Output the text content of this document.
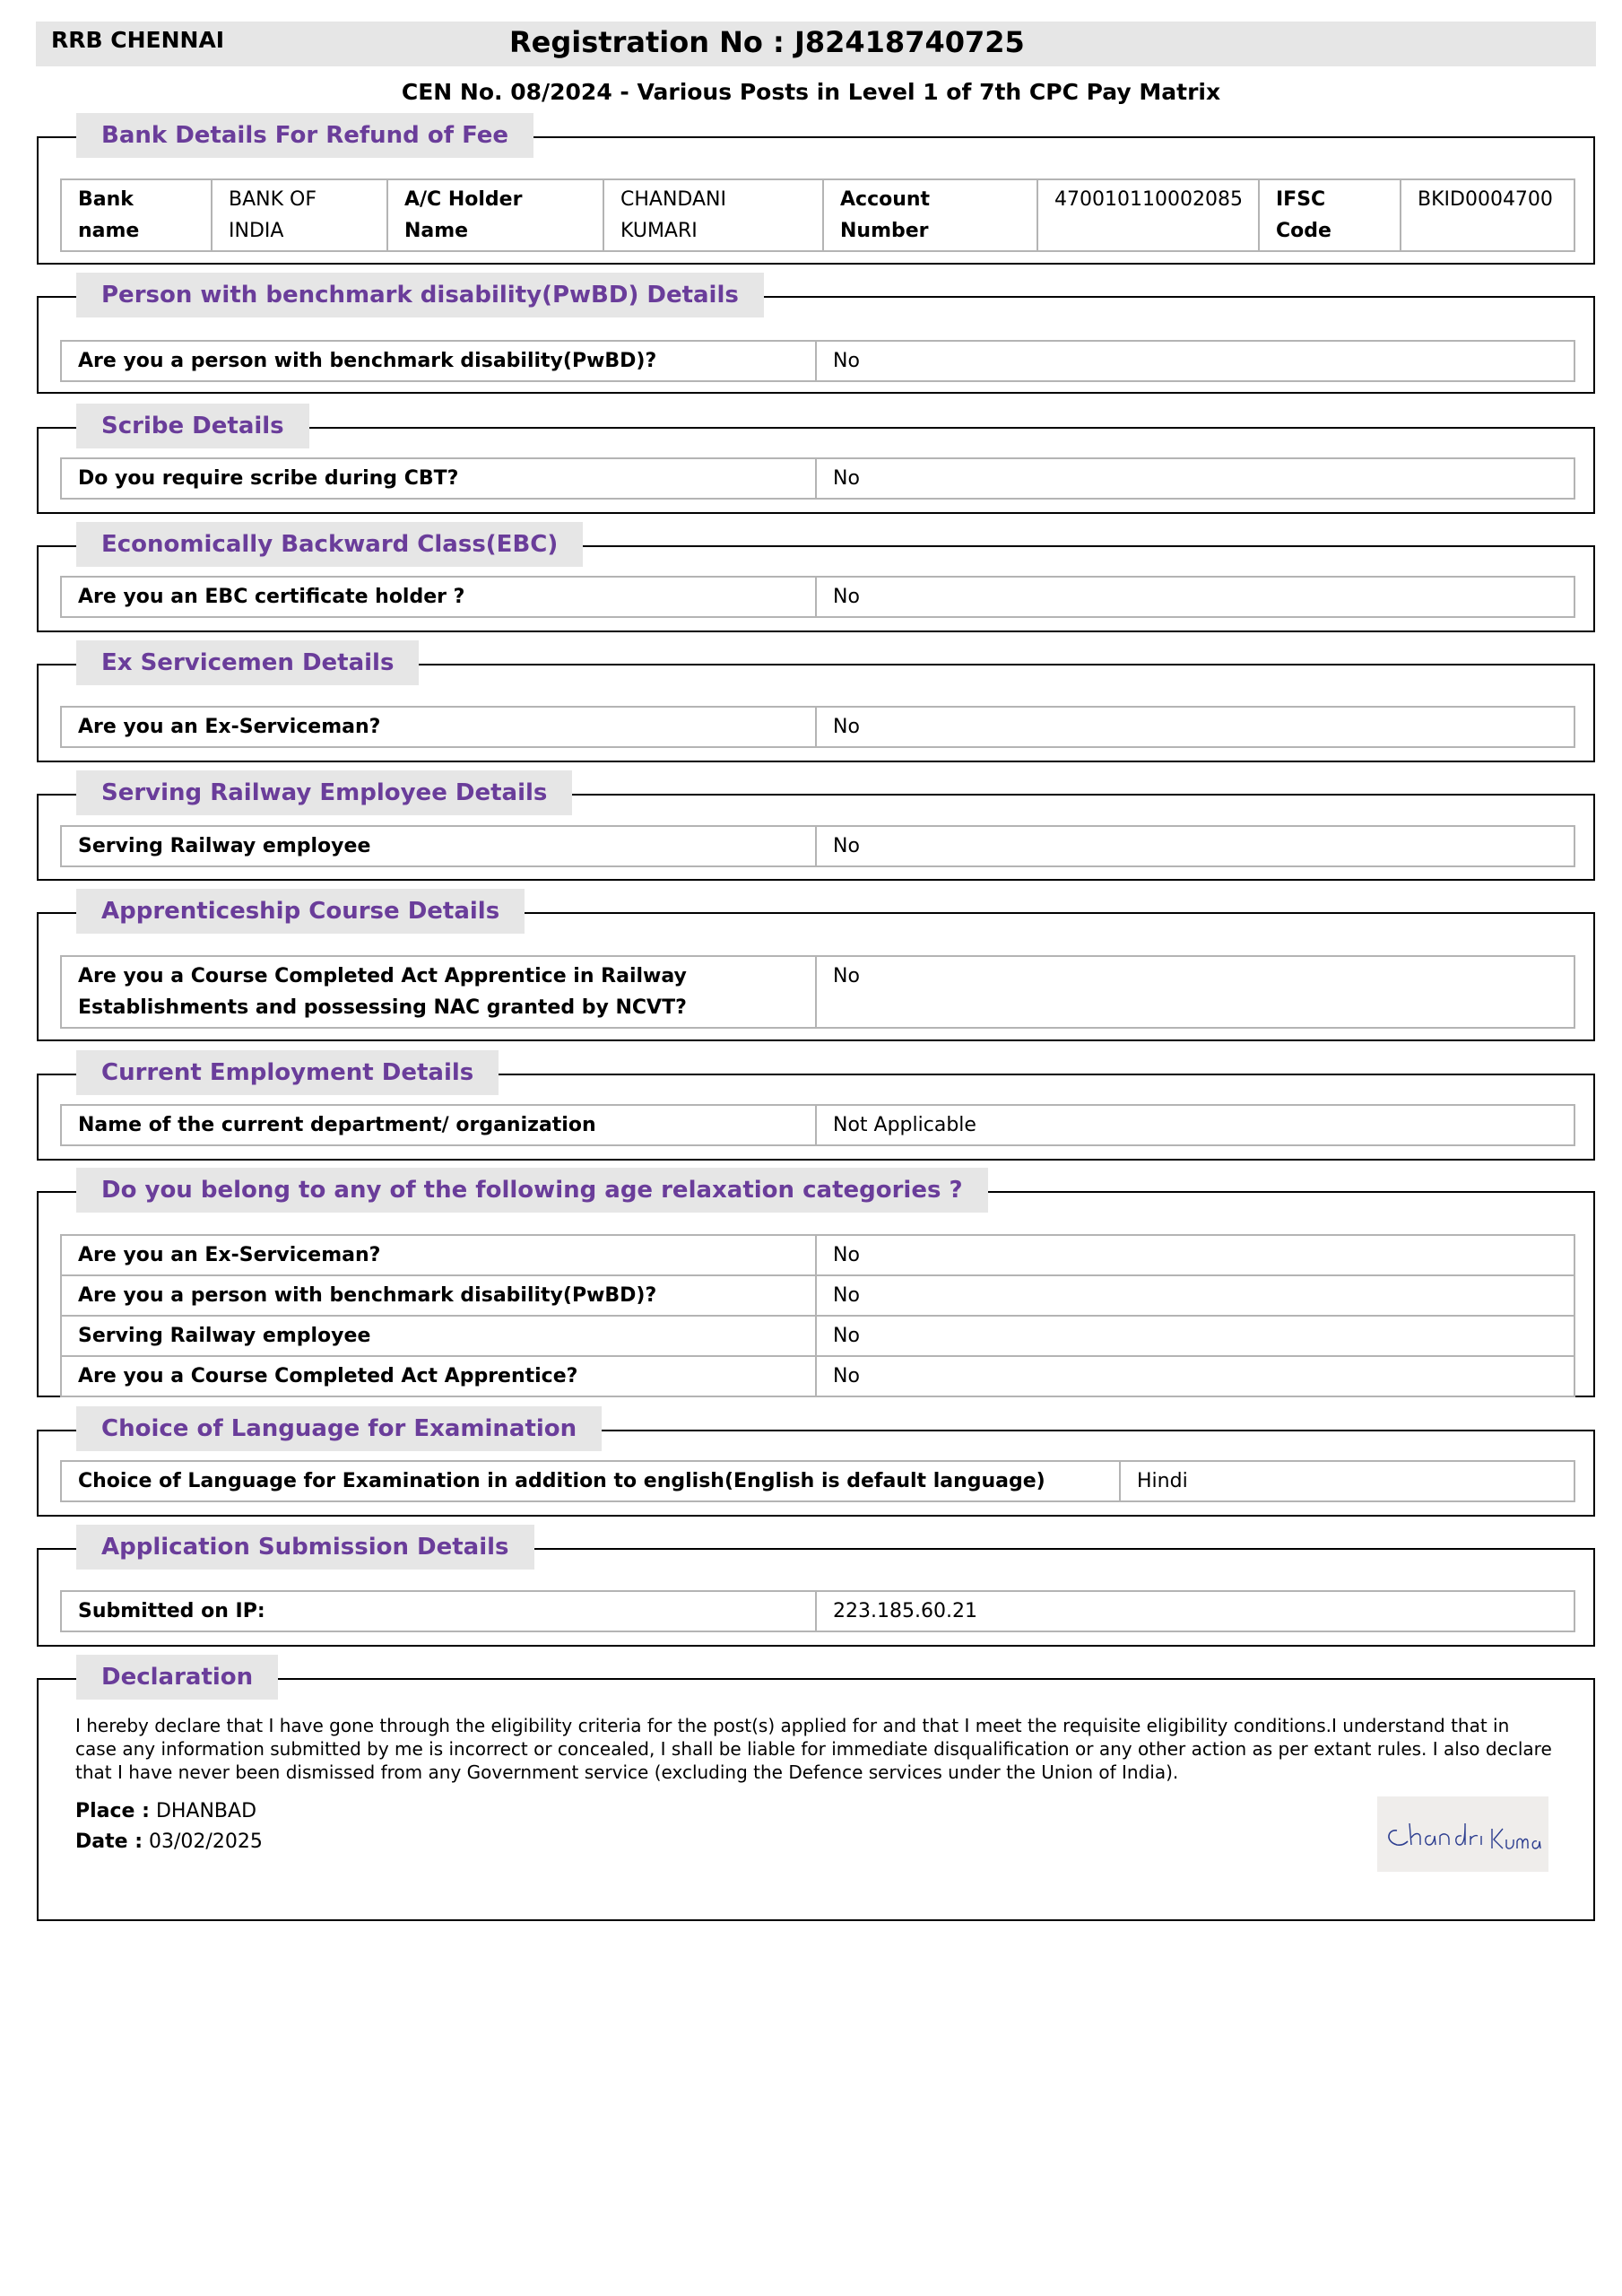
RRB CHENNAI	Registration No : J82418740725
CEN No. 08/2024 - Various Posts in Level 1 of 7th CPC Pay Matrix
Bank Details For Refund of Fee
Bank name	BANK OF INDIA	A/C Holder Name	CHANDANI KUMARI	Account Number	470010110002085	IFSC Code	BKID0004700
Person with benchmark disability(PwBD) Details
Are you a person with benchmark disability(PwBD)?	No
Scribe Details
Do you require scribe during CBT?	No
Economically Backward Class(EBC)
Are you an EBC certificate holder ?	No
Ex Servicemen Details
Are you an Ex-Serviceman?	No
Serving Railway Employee Details
Serving Railway employee	No
Apprenticeship Course Details
Are you a Course Completed Act Apprentice in Railway Establishments and possessing NAC granted by NCVT?	No
Current Employment Details
Name of the current department/ organization	Not Applicable
Do you belong to any of the following age relaxation categories ?
Are you an Ex-Serviceman?	No
Are you a person with benchmark disability(PwBD)?	No
Serving Railway employee	No
Are you a Course Completed Act Apprentice?	No
Choice of Language for Examination
Choice of Language for Examination in addition to english(English is default language)	Hindi
Application Submission Details
Submitted on IP:	223.185.60.21
Declaration
I hereby declare that I have gone through the eligibility criteria for the post(s) applied for and that I meet the requisite eligibility conditions.I understand that in case any information submitted by me is incorrect or concealed, I shall be liable for immediate disqualification or any other action as per extant rules. I also declare that I have never been dismissed from any Government service (excluding the Defence services under the Union of India).
Place : DHANBAD
Date : 03/02/2025
